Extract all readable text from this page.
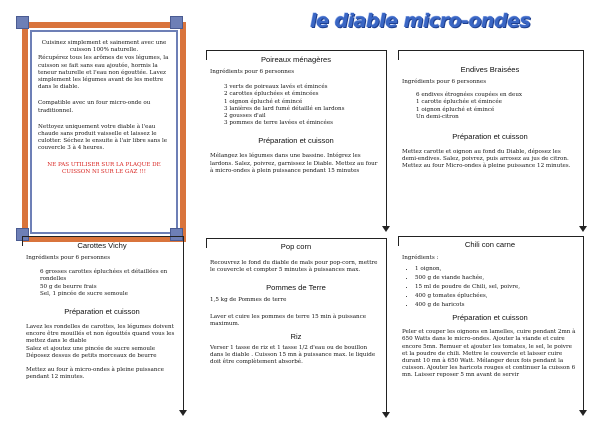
le diable micro-ondes
Cuisinez simplement et sainement avec une cuisson 100% naturelle.
Récupérez tous les arômes de vos légumes, la cuisson se fait sans eau ajoutée, hormis la teneur naturelle et l'eau non égouttée. Lavez simplement les légumes avant de les mettre dans le diable.
Compatible avec un four micro-onde ou traditionnel.
Nettoyez uniquement votre diable à l'eau chaude sans produit vaisselle et laissez le culotter. Séchez le ensuite à l'air libre sans le couvercle 3 à 4 heures.
NE PAS UTILISER SUR LA PLAQUE DE CUISSON NI SUR LE GAZ !!!
Carottes Vichy
Ingrédients pour 6 personnes
6 grosses carottes épluchées et détaillées en rondelles
50 g de beurre frais
Sel, 1 pincée de sucre semoule
Préparation et cuisson
Lavez les rondelles de carottes, les légumes doivent encore être mouillés et non égouttés quand vous les mettez dans le diable
Salez et ajoutez une pincée de sucre semoule
Déposez dessus de petits morceaux de beurre
Mettez au four à micro-ondes à pleine puissance pendant 12 minutes.
Poireaux ménagères
Ingrédients pour 6 personnes
3 verts de poireaux lavés et émincés
2 carottes épluchées et émincées
1 oignon épluché et émincé
3 lanières de lard fumé détaillé en lardons
2 gousses d'ail
3 pommes de terre lavées et émincées
Préparation et cuisson
Mélangez les légumes dans une bassine. Intégrez les lardons. Salez, poivrez, garnissez le Diable. Mettez au four à micro-ondes à plein puissance pendant 15 minutes
Pop corn
Recouvrez le fond du diable de maïs pour pop-corn, mettre le couvercle et compter 5 minutes à puissances max.
Pommes de Terre
1,5 kg de Pommes de terre
Laver et cuire les pommes de terre 15 min à puissance maximum.
Riz
Verser 1 tasse de riz et 1 tasse 1/2 d'eau ou de bouillon dans le diable . Cuisson 15 mn à puissance max. le liquide doit être complètement absorbé.
Endives Braisées
Ingrédients pour 6 personnes
6 endives étrognées coupées en deux
1 carotte épluchée et émincée
1 oignon épluché et émincé
Un demi-citron
Préparation et cuisson
Mettez carotte et oignon au fond du Diable, déposez les demi-endives. Salez, poivrez, puis arrosez au jus de citron.
Mettez au four Micro-ondes à pleine puissance 12 minutes.
Chili con carne
Ingrédients :
• 1 oignon,
• 500 g de viande hachée,
• 15 ml de poudre de Chili, sel, poivre,
• 400 g tomates épluchées,
• 400 g de haricots
Préparation et cuisson
Peler et couper les oignons en lamelles, cuire pendant 2mn à 650 Watts dans le micro-ondes. Ajouter la viande et cuire encore 5mn. Remuer et ajouter les tomates, le sel, le poivre et la poudre de chili. Mettre le couvercle et laisser cuire durant 10 mn à 650 Watt. Mélanger deux fois pendant la cuisson. Ajouter les haricots rouges et continuer la cuisson 6 mn. Laisser reposer 5 mn avant de servir
